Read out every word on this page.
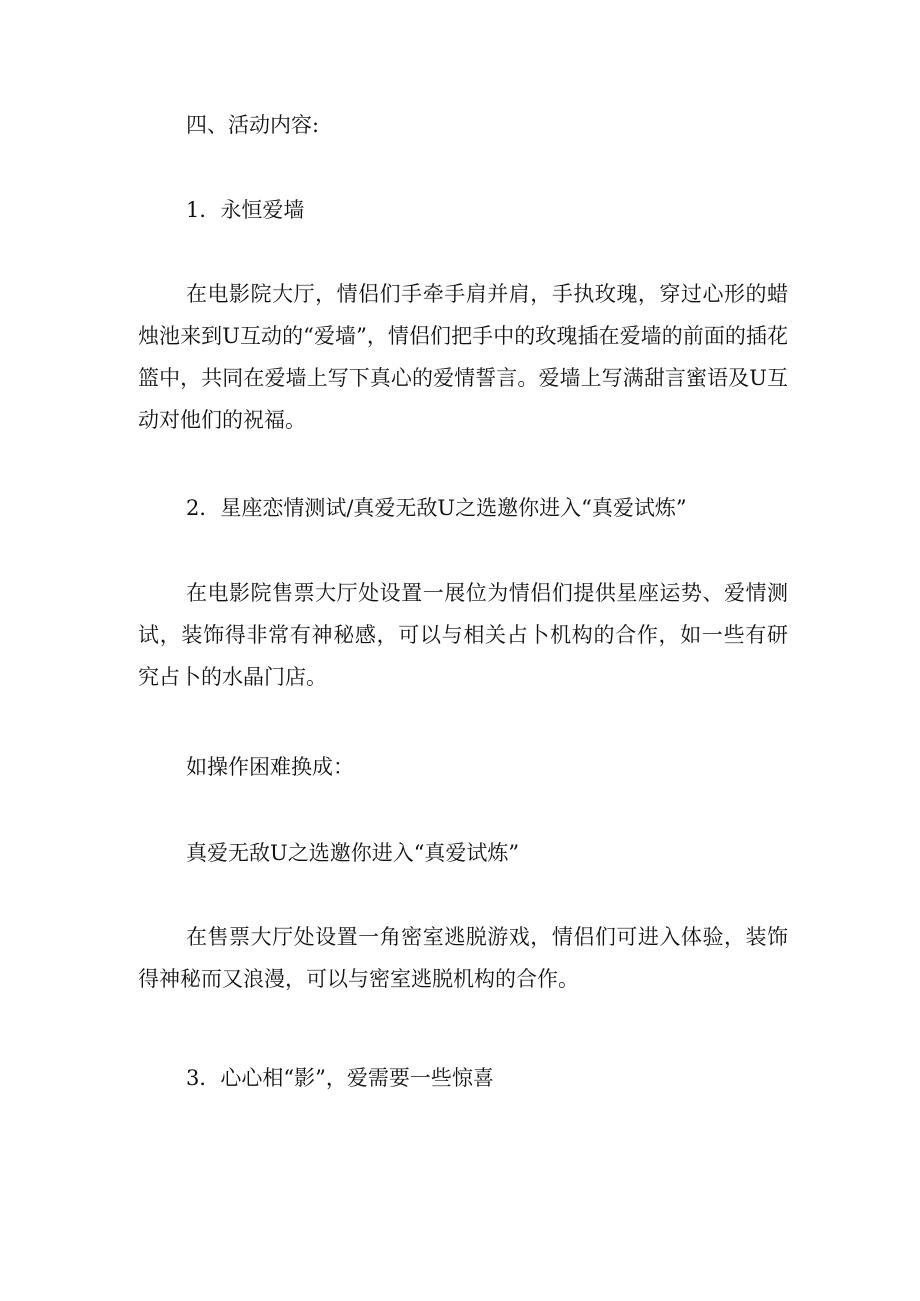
四、活动内容:
1．永恒爱墙
在电影院大厅，情侣们手牵手肩并肩，手执玫瑰，穿过心形的蜡烛池来到U互动的“爱墙”，情侣们把手中的玫瑰插在爱墙的前面的插花篮中，共同在爱墙上写下真心的爱情誓言。爱墙上写满甜言蜜语及U互动对他们的祝福。
2．星座恋情测试/真爱无敌U之选邀你进入“真爱试炼”
在电影院售票大厅处设置一展位为情侣们提供星座运势、爱情测试，装饰得非常有神秘感，可以与相关占卜机构的合作，如一些有研究占卜的水晶门店。
如操作困难换成：
真爱无敌U之选邀你进入“真爱试炼”
在售票大厅处设置一角密室逃脱游戏，情侣们可进入体验，装饰得神秘而又浪漫，可以与密室逃脱机构的合作。
3．心心相“影”，爱需要一些惊喜
